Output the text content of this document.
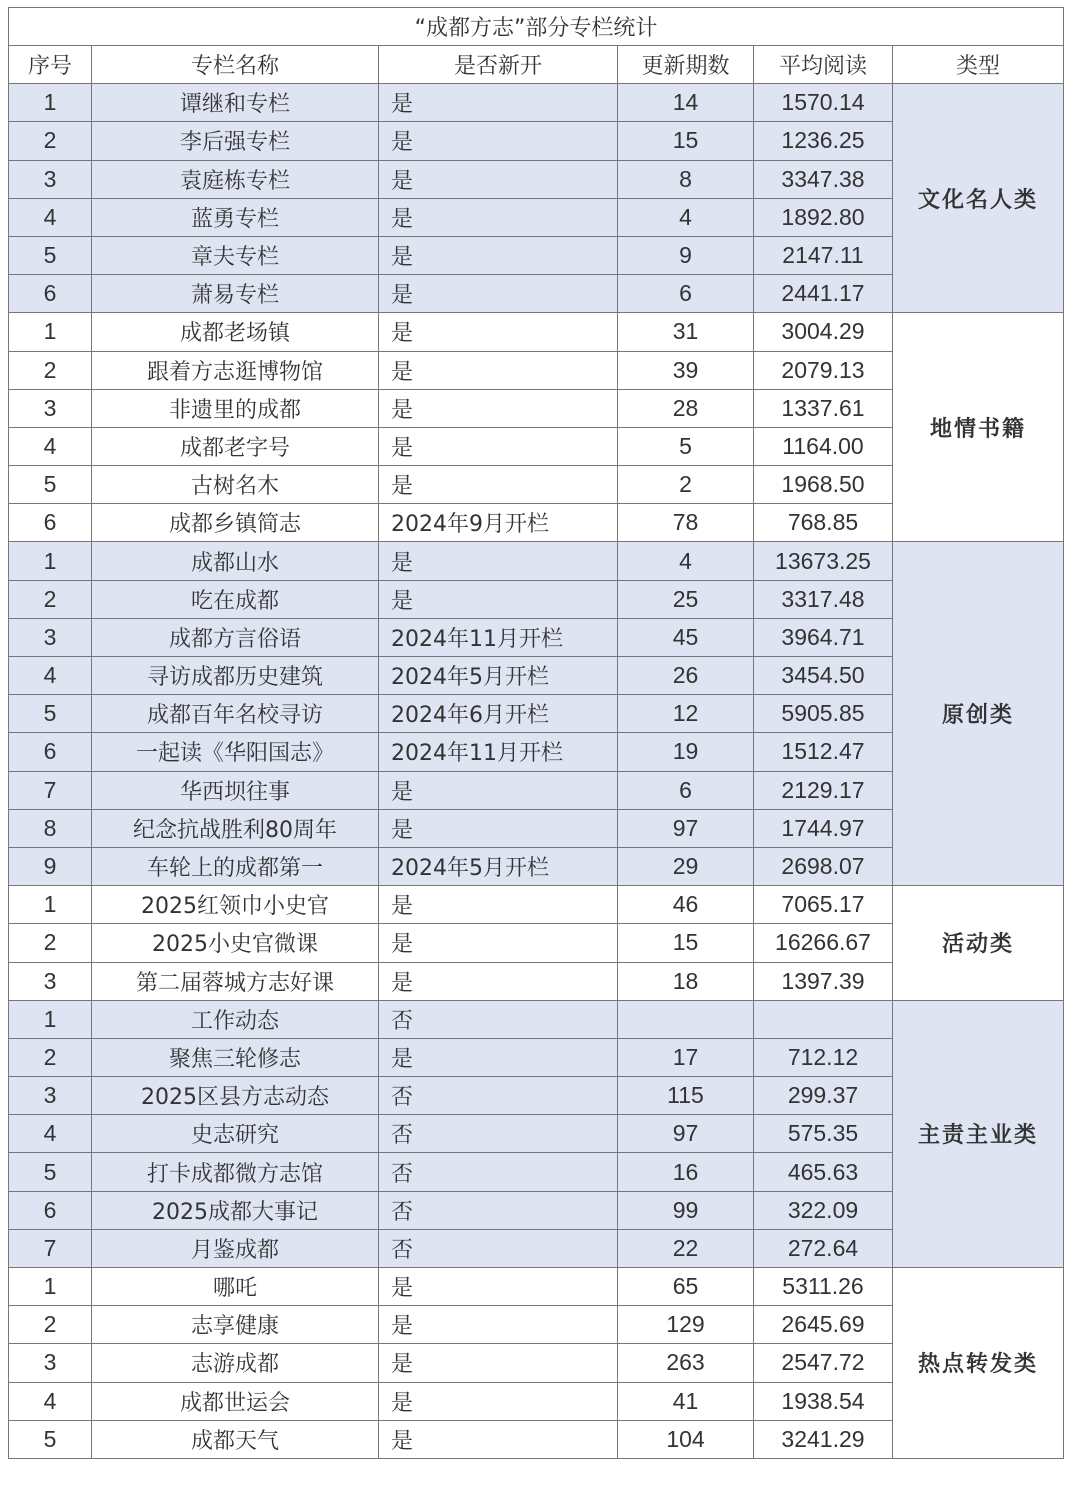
“成都方志”部分专栏统计					
序号	专栏名称	是否新开	更新期数	平均阅读	类型
1	谭继和专栏	是	14	1570.14	文化名人类
2	李后强专栏	是	15	1236.25	
3	袁庭栋专栏	是	8	3347.38	
4	蓝勇专栏	是	4	1892.80	
5	章夫专栏	是	9	2147.11	
6	萧易专栏	是	6	2441.17	
1	成都老场镇	是	31	3004.29	地情书籍
2	跟着方志逛博物馆	是	39	2079.13	
3	非遗里的成都	是	28	1337.61	
4	成都老字号	是	5	1164.00	
5	古树名木	是	2	1968.50	
6	成都乡镇简志	2024年9月开栏	78	768.85	
1	成都山水	是	4	13673.25	原创类
2	吃在成都	是	25	3317.48	
3	成都方言俗语	2024年11月开栏	45	3964.71	
4	寻访成都历史建筑	2024年5月开栏	26	3454.50	
5	成都百年名校寻访	2024年6月开栏	12	5905.85	
6	一起读《华阳国志》	2024年11月开栏	19	1512.47	
7	华西坝往事	是	6	2129.17	
8	纪念抗战胜利80周年	是	97	1744.97	
9	车轮上的成都第一	2024年5月开栏	29	2698.07	
1	2025红领巾小史官	是	46	7065.17	活动类
2	2025小史官微课	是	15	16266.67	
3	第二届蓉城方志好课	是	18	1397.39	
1	工作动态	否			主责主业类
2	聚焦三轮修志	是	17	712.12	
3	2025区县方志动态	否	115	299.37	
4	史志研究	否	97	575.35	
5	打卡成都微方志馆	否	16	465.63	
6	2025成都大事记	否	99	322.09	
7	月鉴成都	否	22	272.64	
1	哪吒	是	65	5311.26	热点转发类
2	志享健康	是	129	2645.69	
3	志游成都	是	263	2547.72	
4	成都世运会	是	41	1938.54	
5	成都天气	是	104	3241.29	
